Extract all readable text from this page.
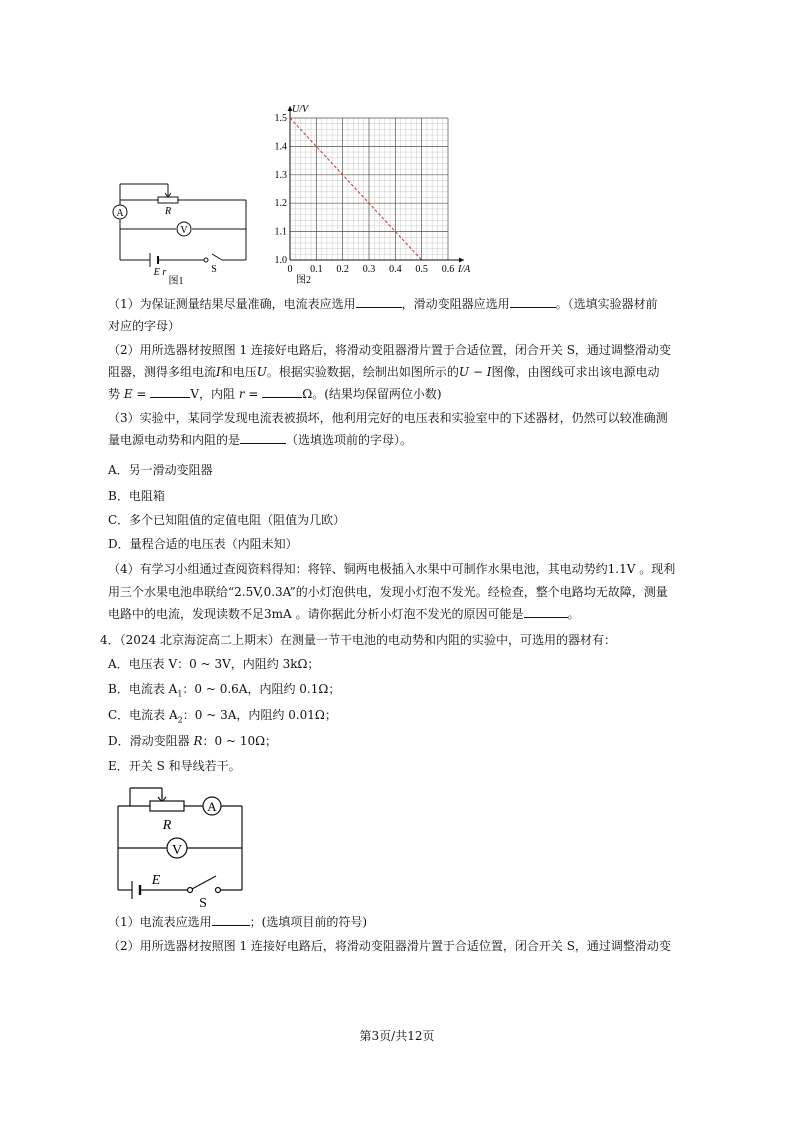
A
V
R
E r	S
图1
1.0
1.1
1.2
1.3
1.4
1.5
0 0.1 0.2 0.3 0.4 0.5 0.6
U/V
I/A
图2
（1）为保证测量结果尽量准确，电流表应选用	，滑动变阻器应选用	。（选填实验器材前
对应的字母）
（2）用所选器材按照图 1 连接好电路后，将滑动变阻器滑片置于合适位置，闭合开关 S，通过调整滑动变
阻器，测得多组电流I和电压U。根据实验数据，绘制出如图所示的U − I图像，由图线可求出该电源电动
势 E =	V，内阻 r =	Ω。(结果均保留两位小数)
（3）实验中，某同学发现电流表被损坏，他利用完好的电压表和实验室中的下述器材，仍然可以较准确测
量电源电动势和内阻的是	（选填选项前的字母）。
A．另一滑动变阻器
B．电阻箱
C．多个已知阻值的定值电阻（阻值为几欧）
D．量程合适的电压表（内阻未知）
（4）有学习小组通过查阅资料得知：将锌、铜两电极插入水果中可制作水果电池，其电动势约1.1V 。现利
用三个水果电池串联给“2.5V,0.3A”的小灯泡供电，发现小灯泡不发光。经检查，整个电路均无故障，测量
电路中的电流，发现读数不足3mA 。请你据此分析小灯泡不发光的原因可能是	。
4．（2024 北京海淀高二上期末）在测量一节干电池的电动势和内阻的实验中，可选用的器材有：
A．电压表 V：0 ~ 3V，内阻约 3kΩ；
B．电流表 $A_1$：0 ~ 0.6A，内阻约 0.1Ω；
C．电流表 $A_2$：0 ~ 3A，内阻约 0.01Ω；
D．滑动变阻器 R：0 ~ 10Ω；
E．开关 S 和导线若干。
A
V
R
E
S
（1）电流表应选用	；(选填项目前的符号)
（2）用所选器材按照图 1 连接好电路后，将滑动变阻器滑片置于合适位置，闭合开关 S，通过调整滑动变
第3页/共12页
